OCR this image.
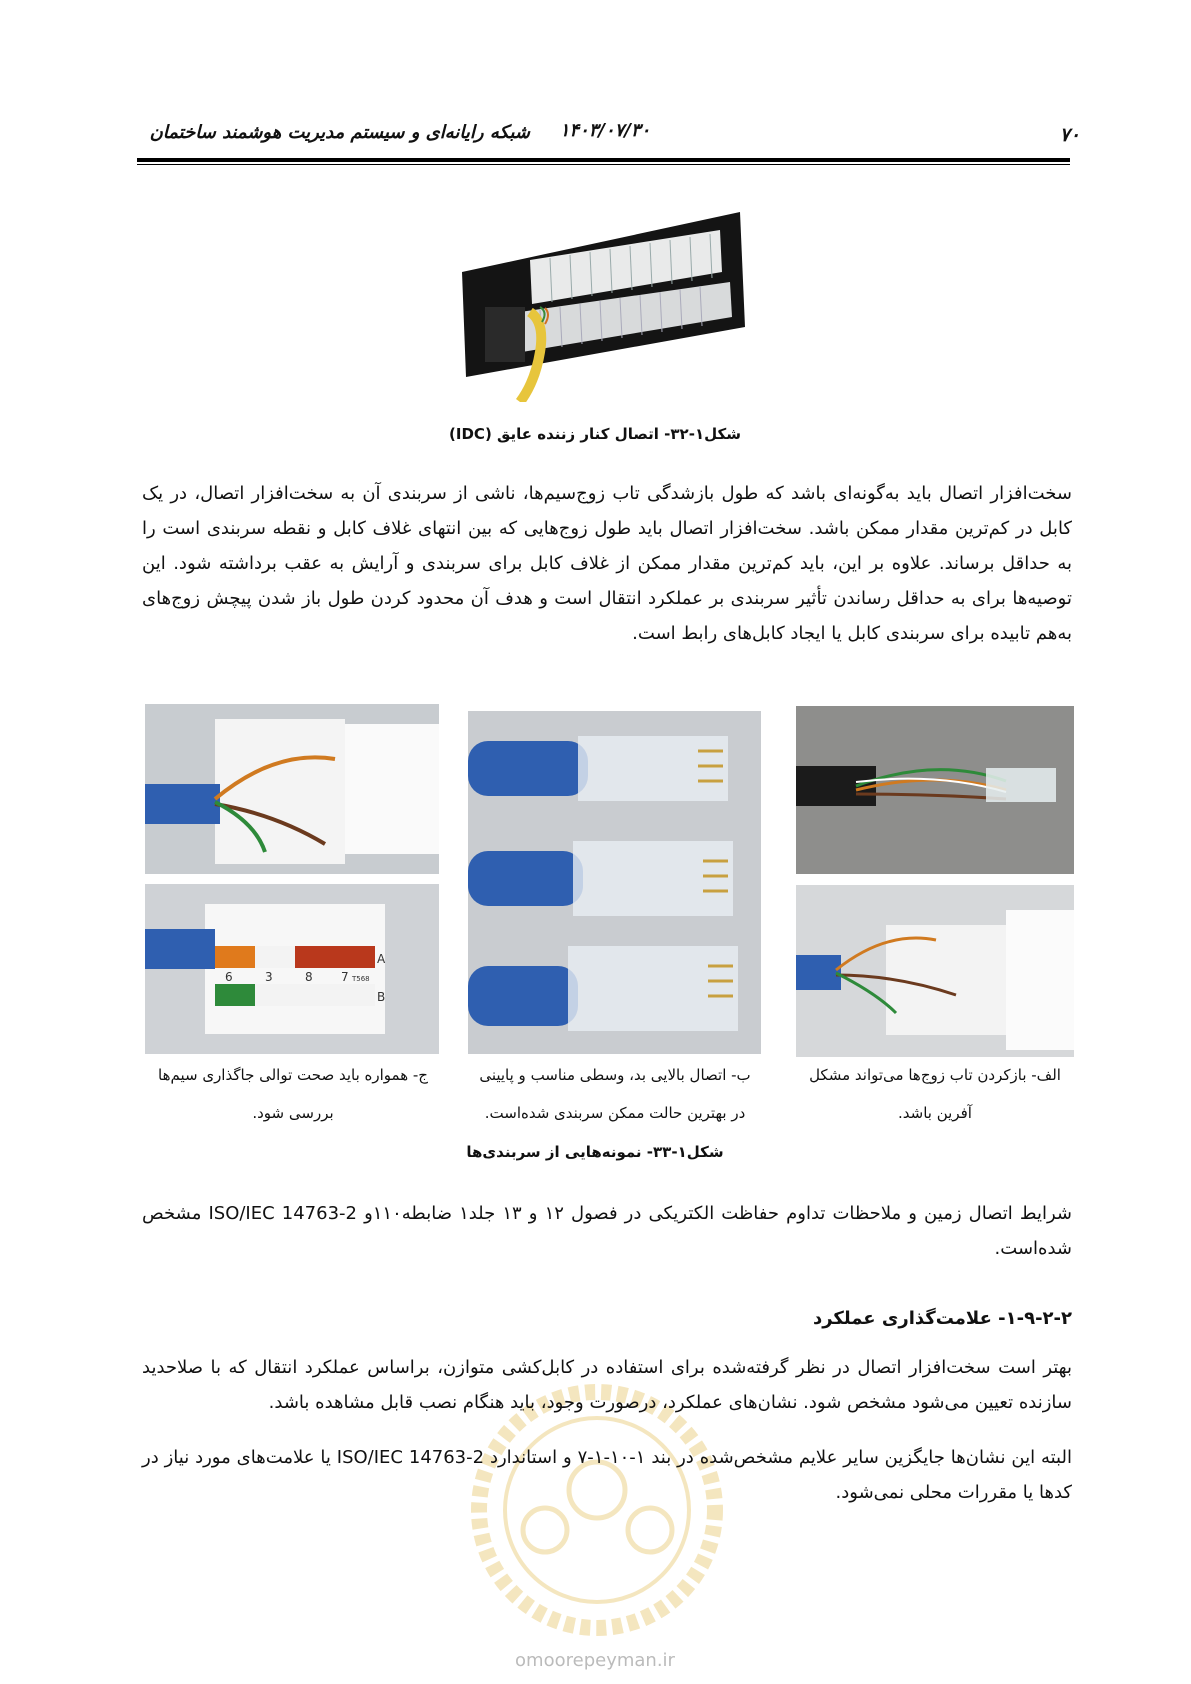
۷۰
۱۴۰۳/۰۷/۳۰
شبکه رایانه‌ای و سیستم مدیریت هوشمند ساختمان
شکل۱-۳۲- اتصال کنار زننده عایق (IDC)

سخت‌افزار اتصال باید به‌گونه‌ای باشد که طول بازشدگی تاب زوج‌سیم‌ها، ناشی از سربندی آن به سخت‌افزار اتصال، در یک کابل در کم‌ترین مقدار ممکن باشد. سخت‌افزار اتصال باید طول زوج‌هایی که بین انتهای غلاف کابل و نقطه سربندی است را به حداقل برساند. علاوه بر این، باید کم‌ترین مقدار ممکن از غلاف کابل برای سربندی و آرایش به عقب برداشته شود. این توصیه‌ها برای به حداقل رساندن تأثیر سربندی بر عملکرد انتقال است و هدف آن محدود کردن طول باز شدن پیچش زوج‌های به‌هم تابیده برای سربندی کابل یا ایجاد کابل‌های رابط است.

6	3	8 7 T568
A
B
الف- بازکردن تاب زوج‌ها می‌تواند مشکل
آفرین باشد.
ب- اتصال بالایی بد، وسطی مناسب و پایینی
در بهترین حالت ممکن سربندی شده‌است.
ج- همواره باید صحت توالی جاگذاری سیم‌ها
بررسی شود.
شکل۱-۳۳- نمونه‌هایی از سربندی‌ها

شرایط اتصال زمین و ملاحظات تداوم حفاظت الکتریکی در فصول ۱۲ و ۱۳ جلد۱ ضابطه۱۱۰و ISO/IEC 14763-2 مشخص شده‌است.

۱-۹-۲-۲- علامت‌گذاری عملکرد
omoorepeyman.ir

بهتر است سخت‌افزار اتصال در نظر گرفته‌شده برای استفاده در کابل‌کشی متوازن، براساس عملکرد انتقال که با صلاحدید سازنده تعیین می‌شود مشخص شود. نشان‌های عملکرد، درصورت وجود، باید هنگام نصب قابل مشاهده باشد.

البته این نشان‌ها جایگزین سایر علایم مشخص‌شده در بند ۱-۱۰-۱-۷ و استاندارد ISO/IEC 14763-2 یا علامت‌های مورد نیاز در کدها یا مقررات محلی نمی‌شود.
